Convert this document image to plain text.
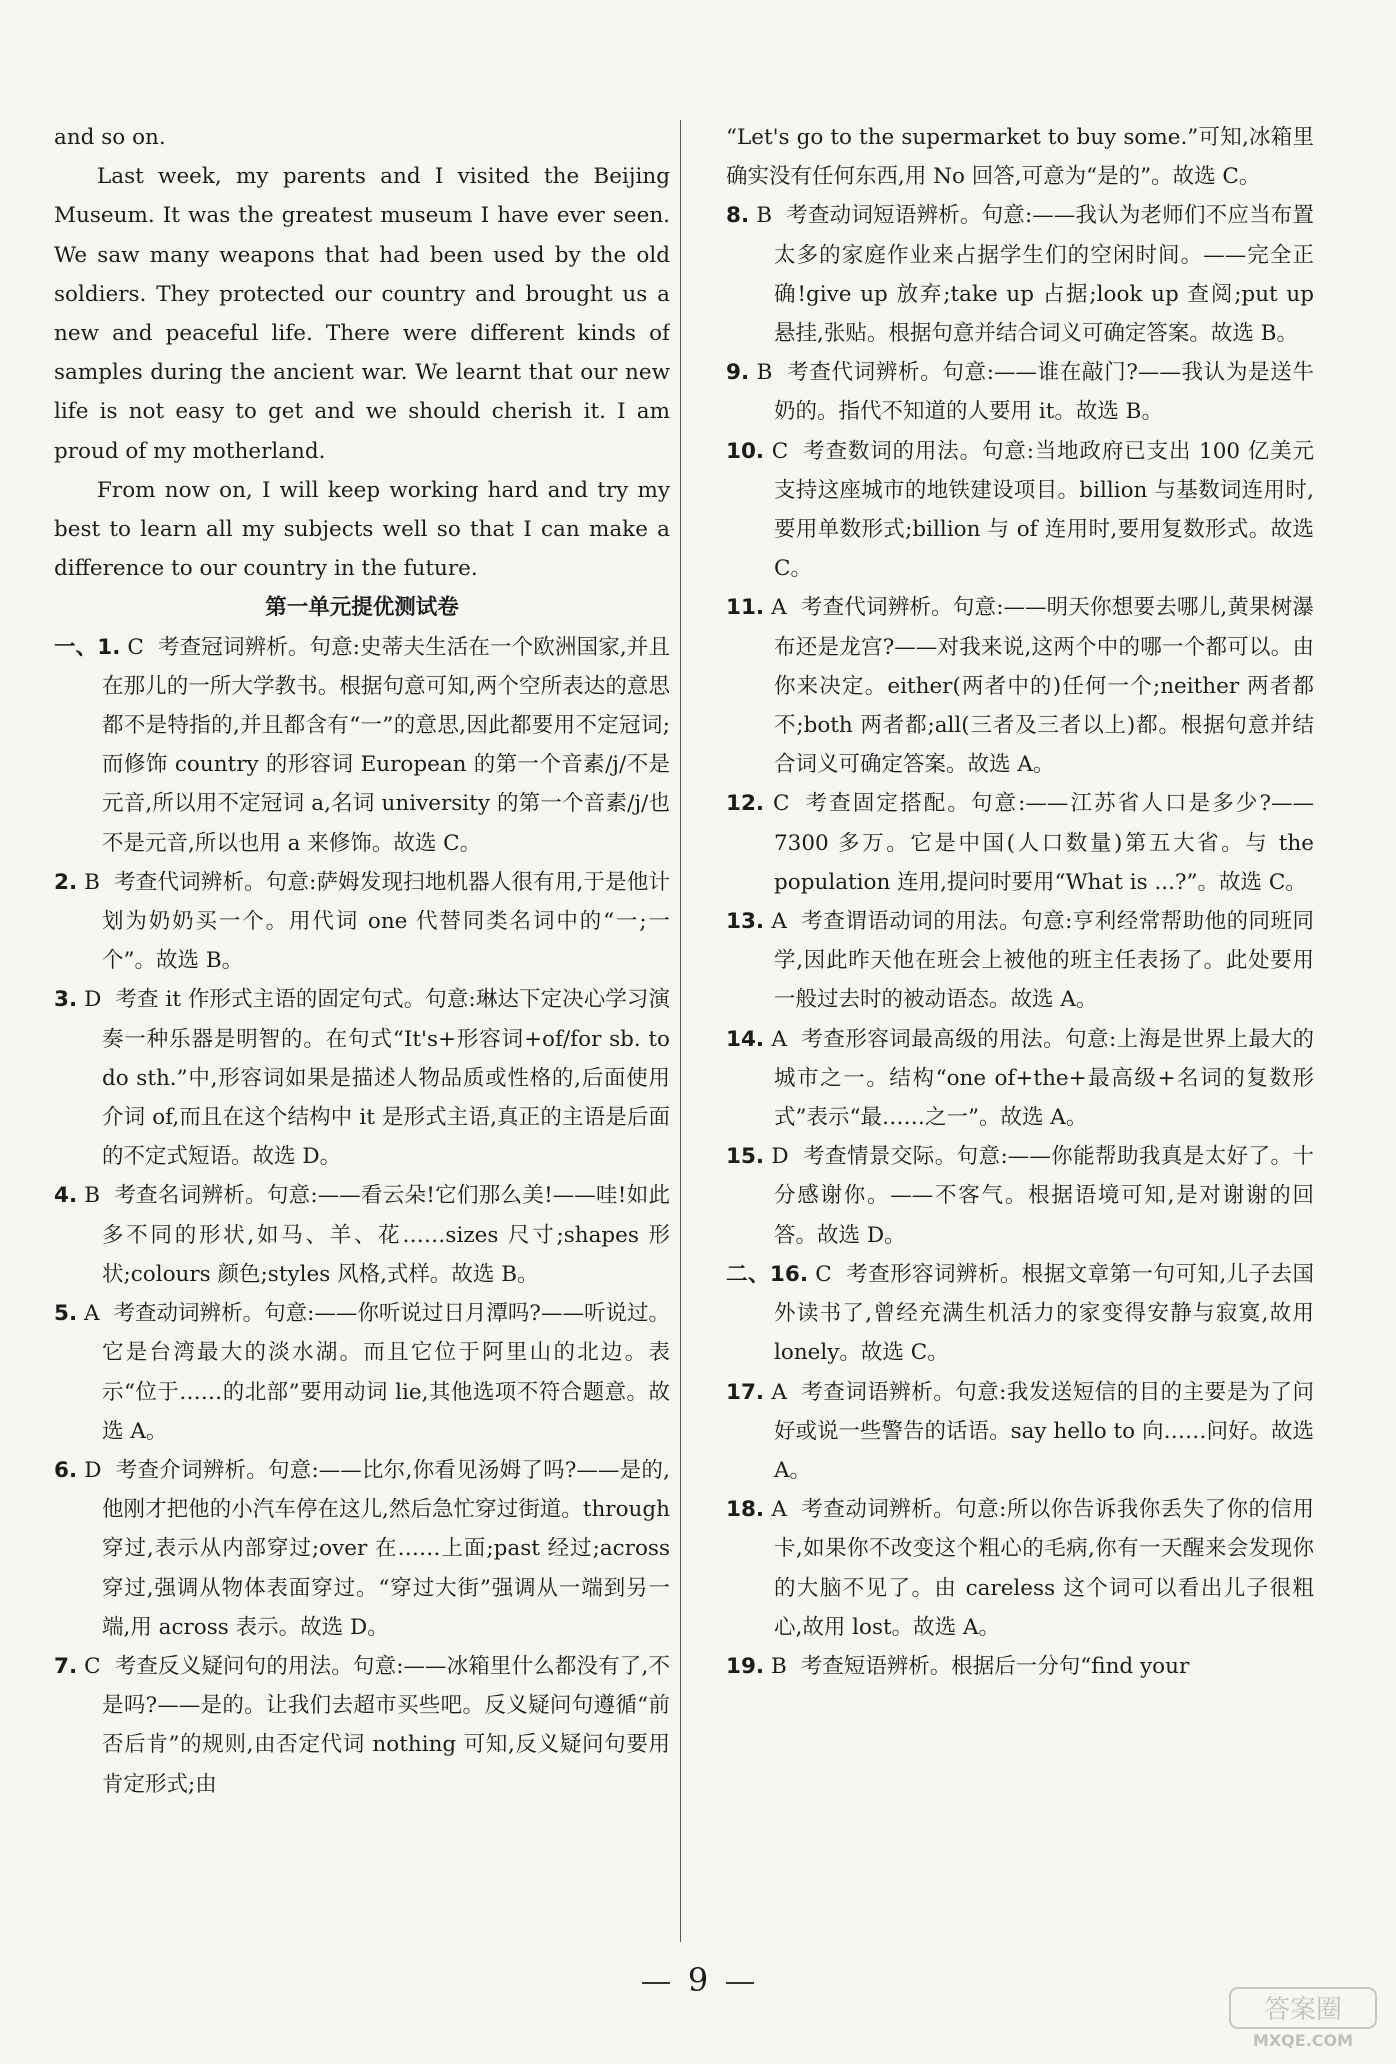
and so on.

Last week, my parents and I visited the Beijing Museum. It was the greatest museum I have ever seen. We saw many weapons that had been used by the old soldiers. They protected our country and brought us a new and peaceful life. There were different kinds of samples during the ancient war. We learnt that our new life is not easy to get and we should cherish it. I am proud of my motherland.

From now on, I will keep working hard and try my best to learn all my subjects well so that I can make a difference to our country in the future.

第一单元提优测试卷

一、1. C 考查冠词辨析。句意:史蒂夫生活在一个欧洲国家,并且在那儿的一所大学教书。根据句意可知,两个空所表达的意思都不是特指的,并且都含有“一”的意思,因此都要用不定冠词;而修饰 country 的形容词 European 的第一个音素/j/不是元音,所以用不定冠词 a,名词 university 的第一个音素/j/也不是元音,所以也用 a 来修饰。故选 C。

2. B 考查代词辨析。句意:萨姆发现扫地机器人很有用,于是他计划为奶奶买一个。用代词 one 代替同类名词中的“一;一个”。故选 B。

3. D 考查 it 作形式主语的固定句式。句意:琳达下定决心学习演奏一种乐器是明智的。在句式“It's+形容词+of/for sb. to do sth.”中,形容词如果是描述人物品质或性格的,后面使用介词 of,而且在这个结构中 it 是形式主语,真正的主语是后面的不定式短语。故选 D。

4. B 考查名词辨析。句意:——看云朵!它们那么美!——哇!如此多不同的形状,如马、羊、花……sizes 尺寸;shapes 形状;colours 颜色;styles 风格,式样。故选 B。

5. A 考查动词辨析。句意:——你听说过日月潭吗?——听说过。它是台湾最大的淡水湖。而且它位于阿里山的北边。表示“位于……的北部”要用动词 lie,其他选项不符合题意。故选 A。

6. D 考查介词辨析。句意:——比尔,你看见汤姆了吗?——是的,他刚才把他的小汽车停在这儿,然后急忙穿过街道。through 穿过,表示从内部穿过;over 在……上面;past 经过;across 穿过,强调从物体表面穿过。“穿过大街”强调从一端到另一端,用 across 表示。故选 D。

7. C 考查反义疑问句的用法。句意:——冰箱里什么都没有了,不是吗?——是的。让我们去超市买些吧。反义疑问句遵循“前否后肯”的规则,由否定代词 nothing 可知,反义疑问句要用肯定形式;由

“Let's go to the supermarket to buy some.”可知,冰箱里确实没有任何东西,用 No 回答,可意为“是的”。故选 C。

8. B 考查动词短语辨析。句意:——我认为老师们不应当布置太多的家庭作业来占据学生们的空闲时间。——完全正确!give up 放弃;take up 占据;look up 查阅;put up 悬挂,张贴。根据句意并结合词义可确定答案。故选 B。

9. B 考查代词辨析。句意:——谁在敲门?——我认为是送牛奶的。指代不知道的人要用 it。故选 B。

10. C 考查数词的用法。句意:当地政府已支出 100 亿美元支持这座城市的地铁建设项目。billion 与基数词连用时,要用单数形式;billion 与 of 连用时,要用复数形式。故选 C。

11. A 考查代词辨析。句意:——明天你想要去哪儿,黄果树瀑布还是龙宫?——对我来说,这两个中的哪一个都可以。由你来决定。either(两者中的)任何一个;neither 两者都不;both 两者都;all(三者及三者以上)都。根据句意并结合词义可确定答案。故选 A。

12. C 考查固定搭配。句意:——江苏省人口是多少?——7300 多万。它是中国(人口数量)第五大省。与 the population 连用,提问时要用“What is ...?”。故选 C。

13. A 考查谓语动词的用法。句意:亨利经常帮助他的同班同学,因此昨天他在班会上被他的班主任表扬了。此处要用一般过去时的被动语态。故选 A。

14. A 考查形容词最高级的用法。句意:上海是世界上最大的城市之一。结构“one of+the+最高级+名词的复数形式”表示“最……之一”。故选 A。

15. D 考查情景交际。句意:——你能帮助我真是太好了。十分感谢你。——不客气。根据语境可知,是对谢谢的回答。故选 D。

二、16. C 考查形容词辨析。根据文章第一句可知,儿子去国外读书了,曾经充满生机活力的家变得安静与寂寞,故用 lonely。故选 C。

17. A 考查词语辨析。句意:我发送短信的目的主要是为了问好或说一些警告的话语。say hello to 向……问好。故选 A。

18. A 考查动词辨析。句意:所以你告诉我你丢失了你的信用卡,如果你不改变这个粗心的毛病,你有一天醒来会发现你的大脑不见了。由 careless 这个词可以看出儿子很粗心,故用 lost。故选 A。

19. B 考查短语辨析。根据后一分句“find your

9
答案圈
MXQE.COM
